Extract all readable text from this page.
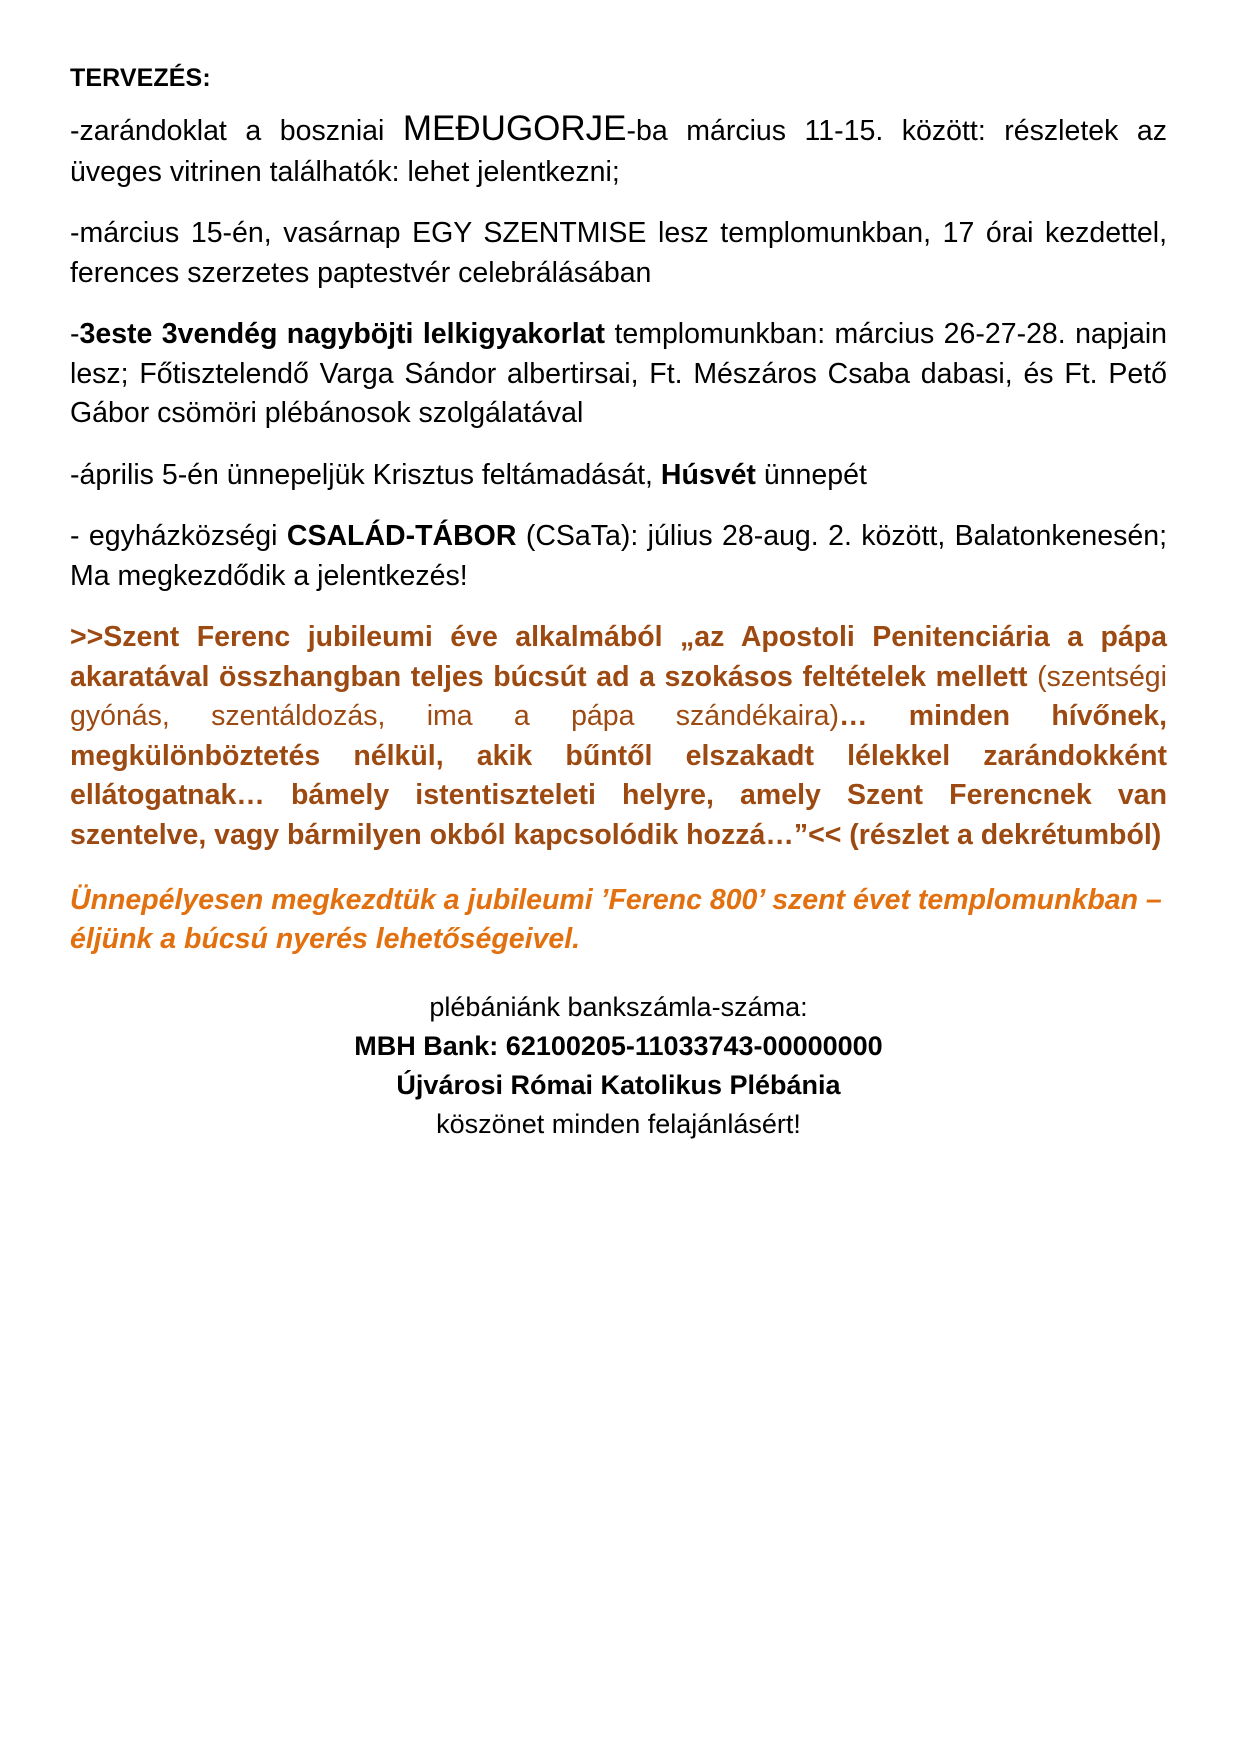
TERVEZÉS:

-zarándoklat a boszniai MEĐUGORJE-ba március 11-15. között: részletek az üveges vitrinen találhatók: lehet jelentkezni;

-március 15-én, vasárnap EGY SZENTMISE lesz templomunkban, 17 órai kezdettel, ferences szerzetes paptestvér celebrálásában

-3este 3vendég nagyböjti lelkigyakorlat templomunkban: március 26-27-28. napjain lesz; Főtisztelendő Varga Sándor albertirsai, Ft. Mészáros Csaba dabasi, és Ft. Pető Gábor csömöri plébánosok szolgálatával

-április 5-én ünnepeljük Krisztus feltámadását, Húsvét ünnepét

- egyházközségi CSALÁD-TÁBOR (CSaTa): július 28-aug. 2. között, Balatonkenesén; Ma megkezdődik a jelentkezés!

>>Szent Ferenc jubileumi éve alkalmából „az Apostoli Penitenciária a pápa akaratával összhangban teljes búcsút ad a szokásos feltételek mellett (szentségi gyónás, szentáldozás, ima a pápa szándékaira)… minden hívőnek, megkülönböztetés nélkül, akik bűntől elszakadt lélekkel zarándokként ellátogatnak… bámely istentiszteleti helyre, amely Szent Ferencnek van szentelve, vagy bármilyen okból kapcsolódik hozzá…”<< (részlet a dekrétumból)

Ünnepélyesen megkezdtük a jubileumi ’Ferenc 800’ szent évet templomunkban – éljünk a búcsú nyerés lehetőségeivel.

plébániánk bankszámla-száma:
MBH Bank: 62100205-11033743-00000000
Újvárosi Római Katolikus Plébánia
köszönet minden felajánlásért!
